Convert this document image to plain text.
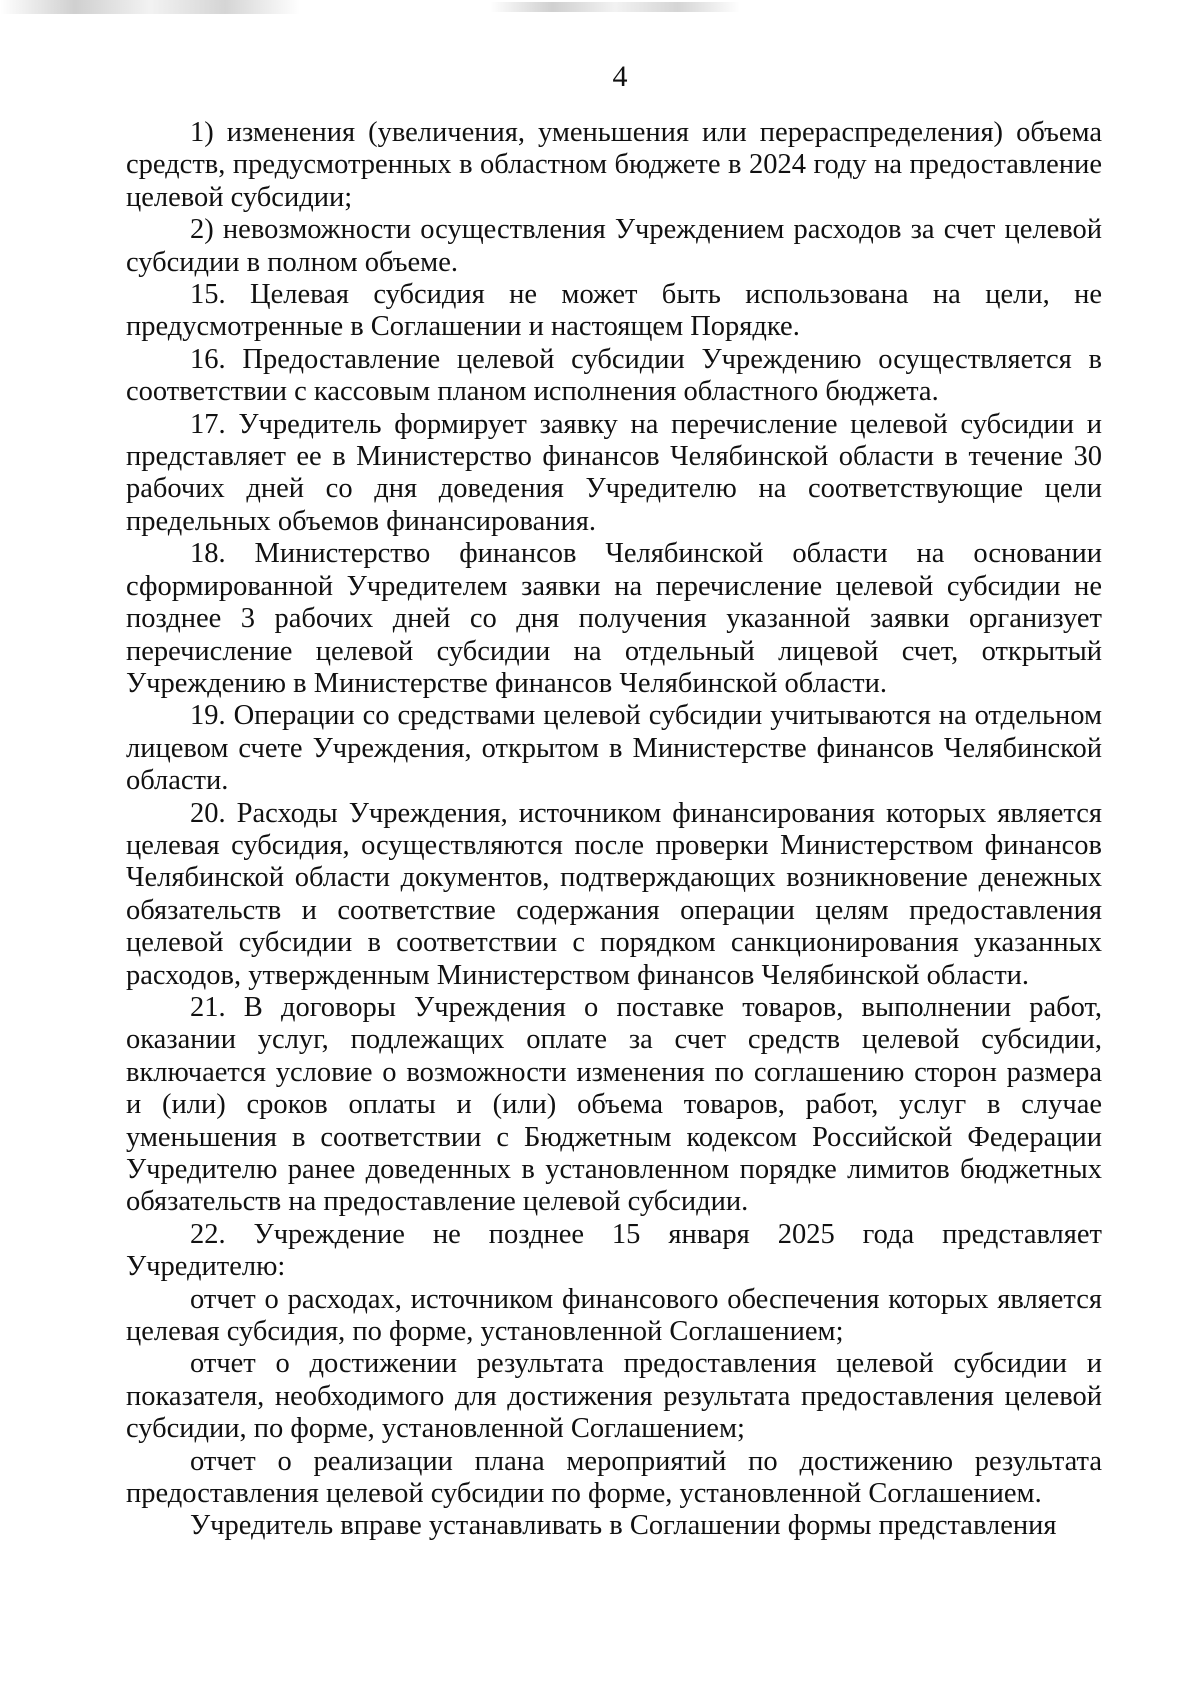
4

1) изменения (увеличения, уменьшения или перераспределения) объема средств, предусмотренных в областном бюджете в 2024 году на предоставление целевой субсидии;

2) невозможности осуществления Учреждением расходов за счет целевой субсидии в полном объеме.

15. Целевая субсидия не может быть использована на цели, не предусмотренные в Соглашении и настоящем Порядке.

16. Предоставление целевой субсидии Учреждению осуществляется в соответствии с кассовым планом исполнения областного бюджета.

17. Учредитель формирует заявку на перечисление целевой субсидии и представляет ее в Министерство финансов Челябинской области в течение 30 рабочих дней со дня доведения Учредителю на соответствующие цели предельных объемов финансирования.

18. Министерство финансов Челябинской области на основании сформированной Учредителем заявки на перечисление целевой субсидии не позднее 3 рабочих дней со дня получения указанной заявки организует перечисление целевой субсидии на отдельный лицевой счет, открытый Учреждению в Министерстве финансов Челябинской области.

19. Операции со средствами целевой субсидии учитываются на отдельном лицевом счете Учреждения, открытом в Министерстве финансов Челябинской области.

20. Расходы Учреждения, источником финансирования которых является целевая субсидия, осуществляются после проверки Министерством финансов Челябинской области документов, подтверждающих возникновение денежных обязательств и соответствие содержания операции целям предоставления целевой субсидии в соответствии с порядком санкционирования указанных расходов, утвержденным Министерством финансов Челябинской области.

21. В договоры Учреждения о поставке товаров, выполнении работ, оказании услуг, подлежащих оплате за счет средств целевой субсидии, включается условие о возможности изменения по соглашению сторон размера и (или) сроков оплаты и (или) объема товаров, работ, услуг в случае уменьшения в соответствии с Бюджетным кодексом Российской Федерации Учредителю ранее доведенных в установленном порядке лимитов бюджетных обязательств на предоставление целевой субсидии.

22. Учреждение не позднее 15 января 2025 года представляет Учредителю:

отчет о расходах, источником финансового обеспечения которых является целевая субсидия, по форме, установленной Соглашением;

отчет о достижении результата предоставления целевой субсидии и показателя, необходимого для достижения результата предоставления целевой субсидии, по форме, установленной Соглашением;

отчет о реализации плана мероприятий по достижению результата предоставления целевой субсидии по форме, установленной Соглашением.

Учредитель вправе устанавливать в Соглашении формы представления
